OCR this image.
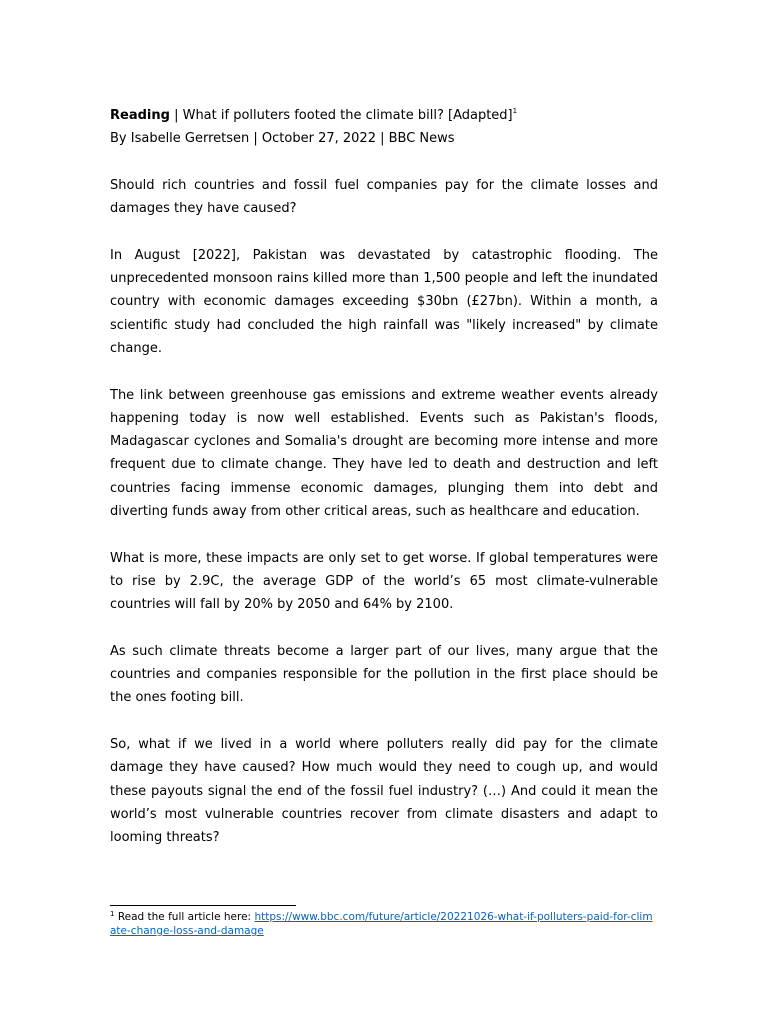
Reading | What if polluters footed the climate bill? [Adapted]$^1$

By Isabelle Gerretsen | October 27, 2022 | BBC News

Should rich countries and fossil fuel companies pay for the climate losses and damages they have caused?

In August [2022], Pakistan was devastated by catastrophic flooding. The unprecedented monsoon rains killed more than 1,500 people and left the inundated country with economic damages exceeding $30bn (£27bn). Within a month, a scientific study had concluded the high rainfall was "likely increased" by climate change.

The link between greenhouse gas emissions and extreme weather events already happening today is now well established. Events such as Pakistan's floods, Madagascar cyclones and Somalia's drought are becoming more intense and more frequent due to climate change. They have led to death and destruction and left countries facing immense economic damages, plunging them into debt and diverting funds away from other critical areas, such as healthcare and education.

What is more, these impacts are only set to get worse. If global temperatures were to rise by 2.9C, the average GDP of the world’s 65 most climate-vulnerable countries will fall by 20% by 2050 and 64% by 2100.

As such climate threats become a larger part of our lives, many argue that the countries and companies responsible for the pollution in the first place should be the ones footing bill.

So, what if we lived in a world where polluters really did pay for the climate damage they have caused? How much would they need to cough up, and would these payouts signal the end of the fossil fuel industry? (…) And could it mean the world’s most vulnerable countries recover from climate disasters and adapt to looming threats?

$^1$ Read the full article here: https://www.bbc.com/future/article/20221026-what-if-polluters-paid-for-climate-change-loss-and-damage
